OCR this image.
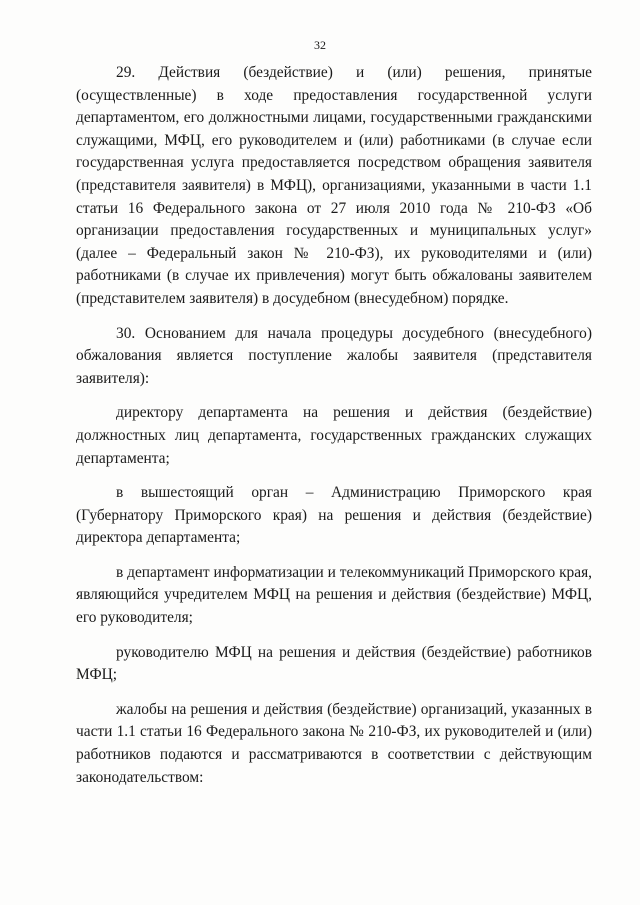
32

29. Действия (бездействие) и (или) решения, принятые (осуществленные) в ходе предоставления государственной услуги департаментом, его должностными лицами, государственными гражданскими служащими, МФЦ, его руководителем и (или) работниками (в случае если государственная услуга предоставляется посредством обращения заявителя (представителя заявителя) в МФЦ), организациями, указанными в части 1.1 статьи 16 Федерального закона от 27 июля 2010 года № 210-ФЗ «Об организации предоставления государственных и муниципальных услуг» (далее – Федеральный закон № 210-ФЗ), их руководителями и (или) работниками (в случае их привлечения) могут быть обжалованы заявителем (представителем заявителя) в досудебном (внесудебном) порядке.

30. Основанием для начала процедуры досудебного (внесудебного) обжалования является поступление жалобы заявителя (представителя заявителя):

директору департамента на решения и действия (бездействие) должностных лиц департамента, государственных гражданских служащих департамента;

в вышестоящий орган – Администрацию Приморского края (Губернатору Приморского края) на решения и действия (бездействие) директора департамента;

в департамент информатизации и телекоммуникаций Приморского края, являющийся учредителем МФЦ на решения и действия (бездействие) МФЦ, его руководителя;

руководителю МФЦ на решения и действия (бездействие) работников МФЦ;

жалобы на решения и действия (бездействие) организаций, указанных в части 1.1 статьи 16 Федерального закона № 210-ФЗ, их руководителей и (или) работников подаются и рассматриваются в соответствии с действующим законодательством:
